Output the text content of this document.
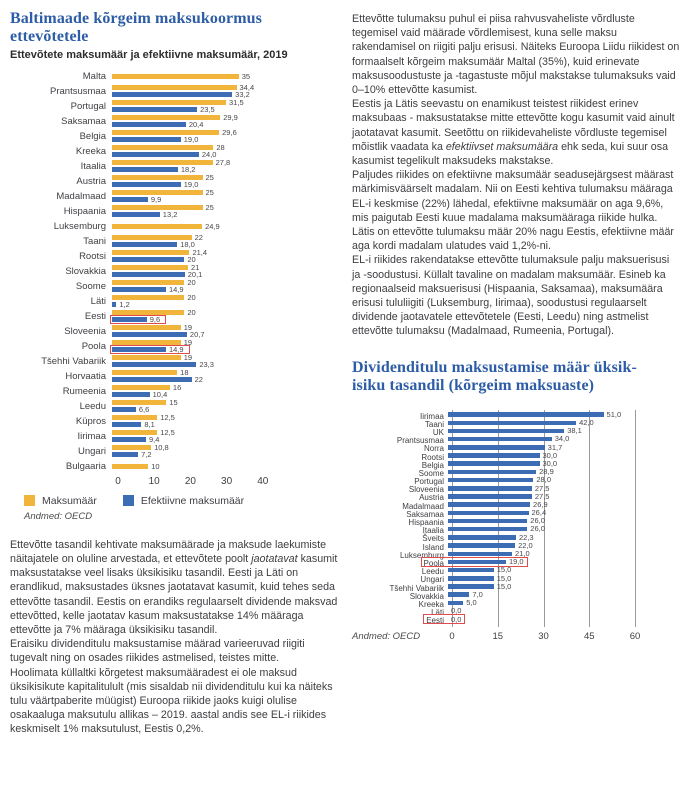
Baltimaade kõrgeim maksukoormus ettevõtetele
Ettevõtete maksumäär ja efektiivne maksumäär, 2019
Malta	35
Prantsusmaa	34,4
33,2
Portugal	31,5
23,5
Saksamaa	29,9
20,4
Belgia	29,6
19,0
Kreeka	28
24,0
Itaalia	27,8
18,2
Austria	25
19,0
Madalmaad	25
9,9
Hispaania	25
13,2
Luksemburg	24,9
Taani	22
18,0
Rootsi	21,4
20
Slovakkia	21
20,1
Soome	20
14,9
Läti	20
1,2
Eesti	20
9,6
Sloveenia	19
20,7
Poola	19
14,9
Tšehhi Vabariik	19
23,3
Horvaatia	18
22
Rumeenia	16
10,4
Leedu	15
6,6
Küpros	12,5
8,1
Iirimaa	12,5
9,4
Ungari	10,8
7,2
Bulgaaria	10
0	10	20	30	40
Maksumäär	Efektiivne maksumäär
Andmed: OECD

Ettevõtte tasandil kehtivate maksumäärade ja maksude laekumiste näitajatele on oluline arvestada, et ettevõtete poolt jaotatavat kasumit maksustatakse veel lisaks üksikisiku tasandil. Eesti ja Läti on erandlikud, maksustades üksnes jaotatavat kasumit, kuid tehes seda ettevõtte tasandil. Eestis on erandiks regulaarselt dividende maksvad ettevõtted, kelle jaotatav kasum maksustatakse 14% määraga ettevõtte ja 7% määraga üksikisiku tasandil.

Eraisiku dividenditulu maksustamise määrad varieeruvad riigiti tugevalt ning on osades riikides astmelised, teistes mitte.

Hoolimata küllaltki kõrgetest maksumääradest ei ole maksud üksikisikute kapitalitulult (mis sisaldab nii dividenditulu kui ka näiteks tulu väärtpaberite müügist) Euroopa riikide jaoks kuigi olulise osakaaluga maksutulu allikas – 2019. aastal andis see EL-i riikides keskmiselt 1% maksutulust, Eestis 0,2%.

Ettevõtte tulumaksu puhul ei piisa rahvusvaheliste võrdluste tegemisel vaid määrade võrdlemisest, kuna selle maksu rakendamisel on riigiti palju erisusi. Näiteks Euroopa Liidu riikidest on formaalselt kõrgeim maksumäär Maltal (35%), kuid erinevate maksusoodustuste ja -tagastuste mõjul makstakse tulumaksuks vaid 0–10% ettevõtte kasumist.

Eestis ja Lätis seevastu on enamikust teistest riikidest erinev maksubaas - maksustatakse mitte ettevõtte kogu kasumit vaid ainult jaotatavat kasumit. Seetõttu on riikidevaheliste võrdluste tegemisel mõistlik vaadata ka efektiivset maksumäära ehk seda, kui suur osa kasumist tegelikult maksudeks makstakse.

Paljudes riikides on efektiivne maksumäär seadusejärgsest määrast märkimisväärselt madalam. Nii on Eesti kehtiva tulumaksu määraga EL-i keskmise (22%) lähedal, efektiivne maksumäär on aga 9,6%, mis paigutab Eesti kuue madalama maksumääraga riikide hulka. Lätis on ettevõtte tulumaksu määr 20% nagu Eestis, efektiivne määr aga kordi madalam ulatudes vaid 1,2%-ni.

EL-i riikides rakendatakse ettevõtte tulumaksule palju maksuerisusi ja -soodustusi. Küllalt tavaline on madalam maksumäär. Esineb ka regionaalseid maksuerisusi (Hispaania, Saksamaa), maksumäära erisusi tululiigiti (Luksemburg, Iirimaa), soodustusi regulaarselt dividende jaotavatele ettevõtetele (Eesti, Leedu) ning astmelist ettevõtte tulumaksu (Madalmaad, Rumeenia, Portugal).

Dividenditulu maksustamise määr üksik-
isiku tasandil (kõrgeim maksuaste)
Iirimaa	51,0
Taani	42,0
UK	38,1
Prantsusmaa	34,0
Norra	31,7
Rootsi	30,0
Belgia	30,0
Soome	28,9
Portugal	28,0
Sloveenia	27,5
Austria	27,5
Madalmaad	26,9
Saksamaa	26,4
Hispaania	26,0
Itaalia	26,0
Šveits	22,3
Island	22,0
Luksemburg	21,0
Poola	19,0
Leedu	15,0
Ungari	15,0
Tšehhi Vabariik	15,0
Slovakkia	7,0
Kreeka	5,0
Läti 0,0
Eesti 0,0
Andmed: OECD	0	15	30	45	60
